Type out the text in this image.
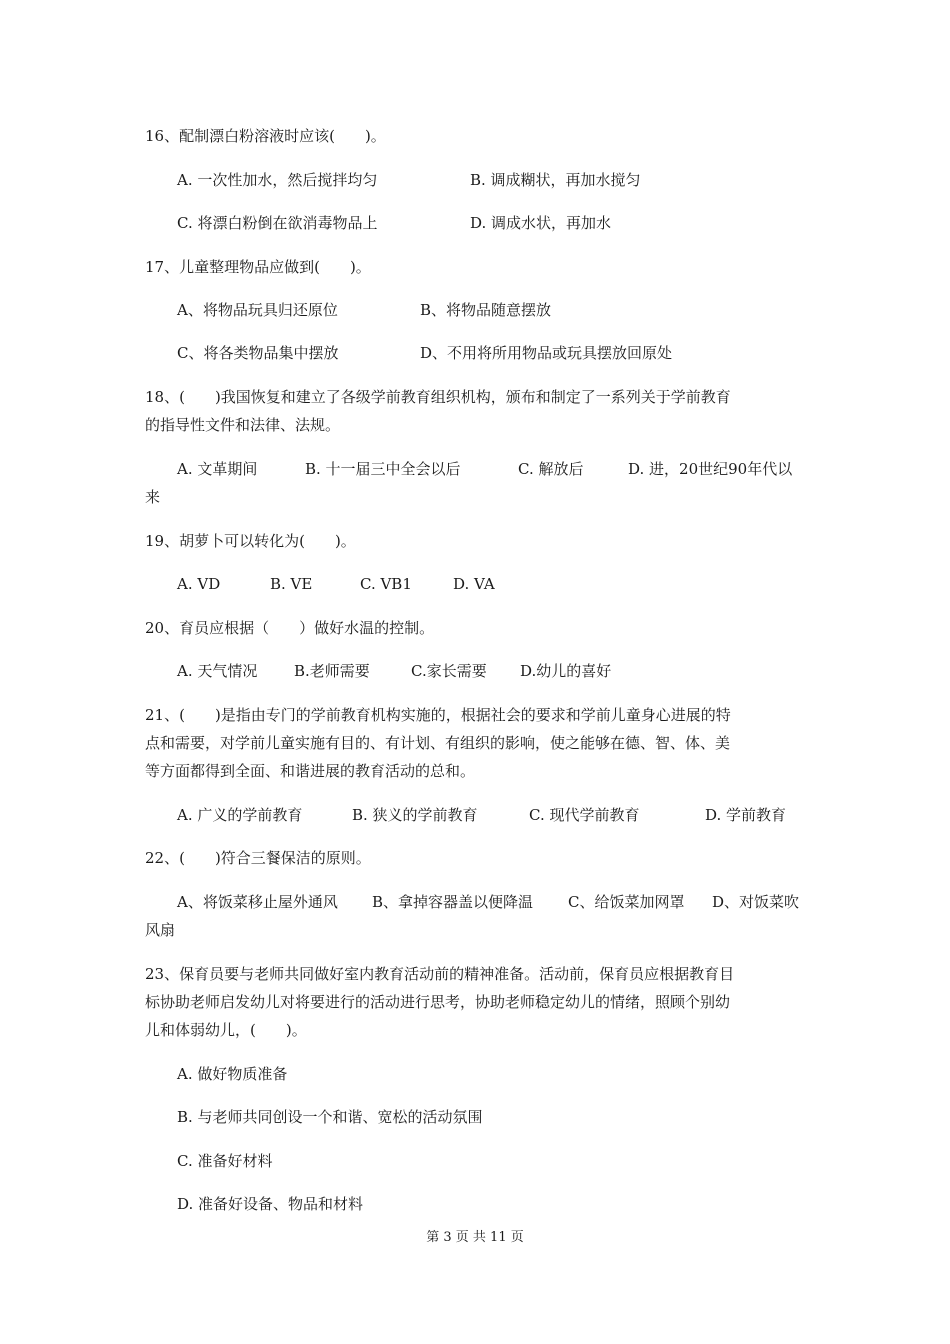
16、配制漂白粉溶液时应该(　　)。
A. 一次性加水，然后搅拌均匀	B. 调成糊状，再加水搅匀
C. 将漂白粉倒在欲消毒物品上	D. 调成水状，再加水
17、儿童整理物品应做到(　　)。
A、将物品玩具归还原位	B、将物品随意摆放
C、将各类物品集中摆放	D、不用将所用物品或玩具摆放回原处
18、(　　)我国恢复和建立了各级学前教育组织机构，颁布和制定了一系列关于学前教育
的指导性文件和法律、法规。
A. 文革期间	B. 十一届三中全会以后	C. 解放后	D. 进，20世纪90年代以
来
19、胡萝卜可以转化为(　　)。
A. VD	B. VE	C. VB1	D. VA
20、育员应根据（　　）做好水温的控制。
A. 天气情况 B.老师需要	C.家长需要 D.幼儿的喜好
21、(　　)是指由专门的学前教育机构实施的，根据社会的要求和学前儿童身心进展的特
点和需要，对学前儿童实施有目的、有计划、有组织的影响，使之能够在德、智、体、美
等方面都得到全面、和谐进展的教育活动的总和。
A. 广义的学前教育	B. 狭义的学前教育	C. 现代学前教育	D. 学前教育
22、(　　)符合三餐保洁的原则。
A、将饭菜移止屋外通风 B、拿掉容器盖以便降温 C、给饭菜加网罩 D、对饭菜吹
风扇
23、保育员要与老师共同做好室内教育活动前的精神准备。活动前，保育员应根据教育目
标协助老师启发幼儿对将要进行的活动进行思考，协助老师稳定幼儿的情绪，照顾个别幼
儿和体弱幼儿，(　　)。
A. 做好物质准备
B. 与老师共同创设一个和谐、宽松的活动氛围
C. 准备好材料
D. 准备好设备、物品和材料
第 3 页 共 11 页
